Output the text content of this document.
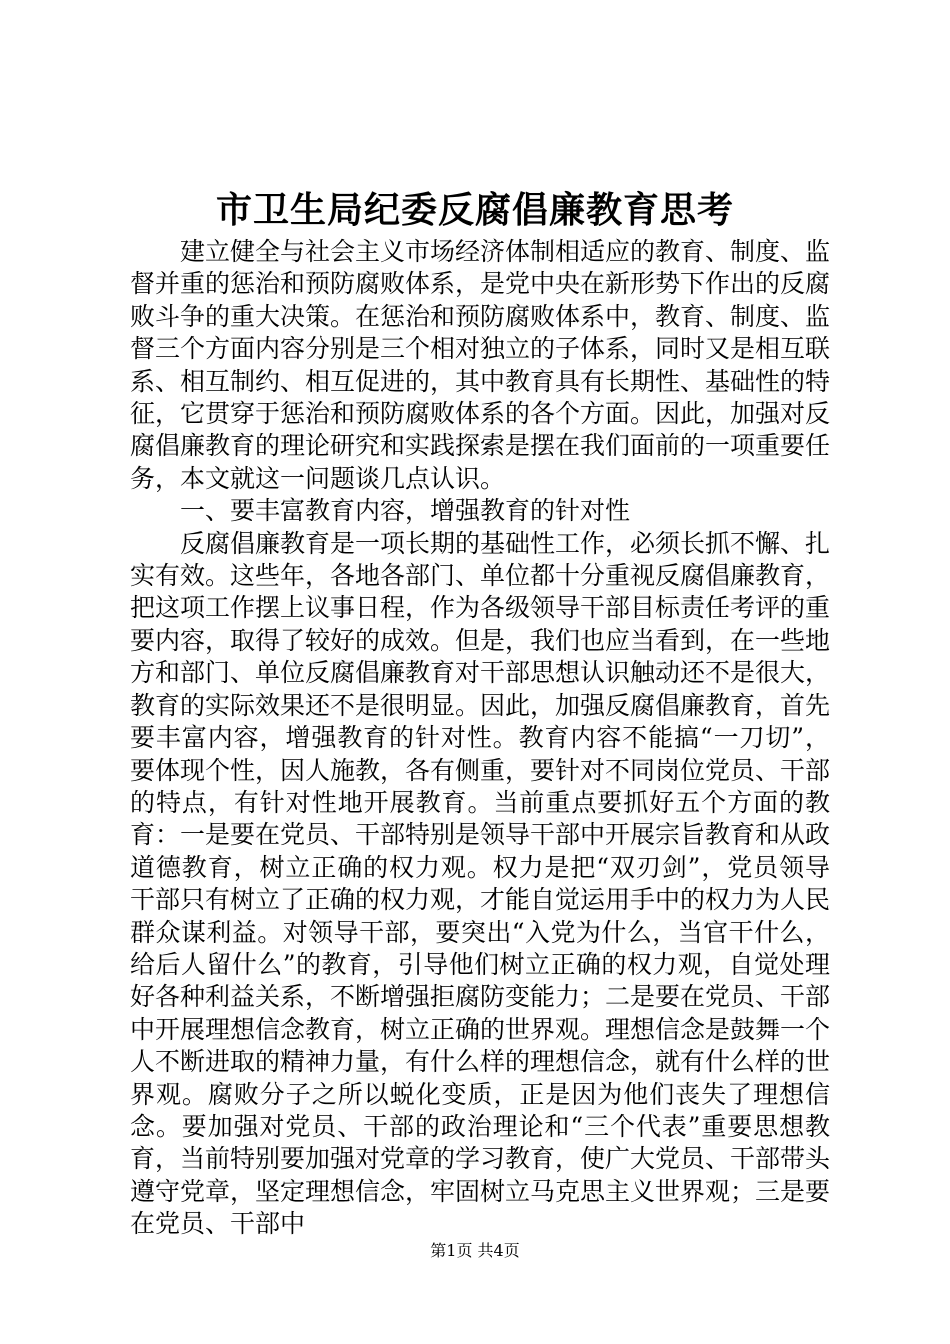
市卫生局纪委反腐倡廉教育思考

建立健全与社会主义市场经济体制相适应的教育、制度、监督并重的惩治和预防腐败体系，是党中央在新形势下作出的反腐败斗争的重大决策。在惩治和预防腐败体系中，教育、制度、监督三个方面内容分别是三个相对独立的子体系，同时又是相互联系、相互制约、相互促进的，其中教育具有长期性、基础性的特征，它贯穿于惩治和预防腐败体系的各个方面。因此，加强对反腐倡廉教育的理论研究和实践探索是摆在我们面前的一项重要任务，本文就这一问题谈几点认识。

一、要丰富教育内容，增强教育的针对性

反腐倡廉教育是一项长期的基础性工作，必须长抓不懈、扎实有效。这些年，各地各部门、单位都十分重视反腐倡廉教育，把这项工作摆上议事日程，作为各级领导干部目标责任考评的重要内容，取得了较好的成效。但是，我们也应当看到，在一些地方和部门、单位反腐倡廉教育对干部思想认识触动还不是很大，教育的实际效果还不是很明显。因此，加强反腐倡廉教育，首先要丰富内容，增强教育的针对性。教育内容不能搞“一刀切”，要体现个性，因人施教，各有侧重，要针对不同岗位党员、干部的特点，有针对性地开展教育。当前重点要抓好五个方面的教育：一是要在党员、干部特别是领导干部中开展宗旨教育和从政道德教育，树立正确的权力观。权力是把“双刃剑”，党员领导干部只有树立了正确的权力观，才能自觉运用手中的权力为人民群众谋利益。对领导干部，要突出“入党为什么，当官干什么，给后人留什么”的教育，引导他们树立正确的权力观，自觉处理好各种利益关系，不断增强拒腐防变能力；二是要在党员、干部中开展理想信念教育，树立正确的世界观。理想信念是鼓舞一个人不断进取的精神力量，有什么样的理想信念，就有什么样的世界观。腐败分子之所以蜕化变质，正是因为他们丧失了理想信念。要加强对党员、干部的政治理论和“三个代表”重要思想教育，当前特别要加强对党章的学习教育，使广大党员、干部带头遵守党章，坚定理想信念，牢固树立马克思主义世界观；三是要在党员、干部中

第1页 共4页
